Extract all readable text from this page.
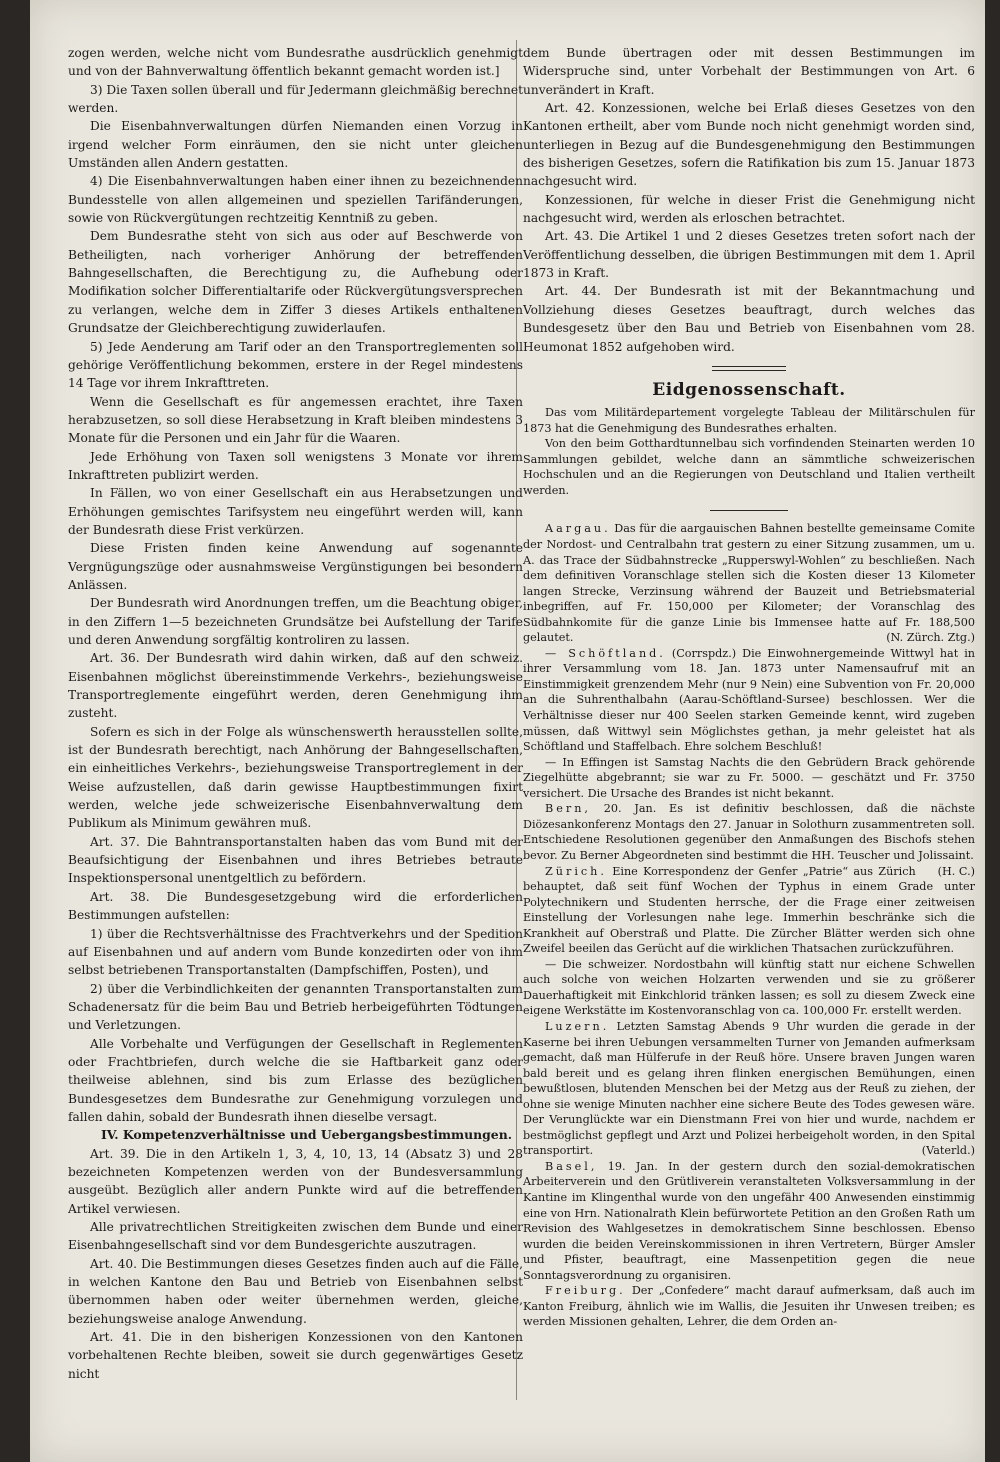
zogen werden, welche nicht vom Bundesrathe ausdrücklich genehmigt und von der Bahnverwaltung öffentlich bekannt gemacht worden ist.]

3) Die Taxen sollen überall und für Jedermann gleichmäßig berechnet werden.

Die Eisenbahnverwaltungen dürfen Niemanden einen Vorzug in irgend welcher Form einräumen, den sie nicht unter gleichen Umständen allen Andern gestatten.

4) Die Eisenbahnverwaltungen haben einer ihnen zu bezeichnenden Bundesstelle von allen allgemeinen und speziellen Tarifänderungen, sowie von Rückvergütungen rechtzeitig Kenntniß zu geben.

Dem Bundesrathe steht von sich aus oder auf Beschwerde von Betheiligten, nach vorheriger Anhörung der betreffenden Bahngesellschaften, die Berechtigung zu, die Aufhebung oder Modifikation solcher Differentialtarife oder Rückvergütungsversprechen zu verlangen, welche dem in Ziffer 3 dieses Artikels enthaltenen Grundsatze der Gleichberechtigung zuwiderlaufen.

5) Jede Aenderung am Tarif oder an den Transportreglementen soll gehörige Veröffentlichung bekommen, erstere in der Regel mindestens 14 Tage vor ihrem Inkrafttreten.

Wenn die Gesellschaft es für angemessen erachtet, ihre Taxen herabzusetzen, so soll diese Herabsetzung in Kraft bleiben mindestens 3 Monate für die Personen und ein Jahr für die Waaren.

Jede Erhöhung von Taxen soll wenigstens 3 Monate vor ihrem Inkrafttreten publizirt werden.

In Fällen, wo von einer Gesellschaft ein aus Herabsetzungen und Erhöhungen gemischtes Tarifsystem neu eingeführt werden will, kann der Bundesrath diese Frist verkürzen.

Diese Fristen finden keine Anwendung auf sogenannte Vergnügungszüge oder ausnahmsweise Vergünstigungen bei besondern Anlässen.

Der Bundesrath wird Anordnungen treffen, um die Beachtung obiger, in den Ziffern 1—5 bezeichneten Grundsätze bei Aufstellung der Tarife und deren Anwendung sorgfältig kontroliren zu lassen.

Art. 36. Der Bundesrath wird dahin wirken, daß auf den schweiz. Eisenbahnen möglichst übereinstimmende Verkehrs-, beziehungsweise Transportreglemente eingeführt werden, deren Genehmigung ihm zusteht.

Sofern es sich in der Folge als wünschenswerth herausstellen sollte, ist der Bundesrath berechtigt, nach Anhörung der Bahngesellschaften, ein einheitliches Verkehrs-, beziehungsweise Transportreglement in der Weise aufzustellen, daß darin gewisse Hauptbestimmungen fixirt werden, welche jede schweizerische Eisenbahnverwaltung dem Publikum als Minimum gewähren muß.

Art. 37. Die Bahntransportanstalten haben das vom Bund mit der Beaufsichtigung der Eisenbahnen und ihres Betriebes betraute Inspektionspersonal unentgeltlich zu befördern.

Art. 38. Die Bundesgesetzgebung wird die erforderlichen Bestimmungen aufstellen:

1) über die Rechtsverhältnisse des Frachtverkehrs und der Spedition auf Eisenbahnen und auf andern vom Bunde konzedirten oder von ihm selbst betriebenen Transportanstalten (Dampfschiffen, Posten), und

2) über die Verbindlichkeiten der genannten Transportanstalten zum Schadenersatz für die beim Bau und Betrieb herbeigeführten Tödtungen und Verletzungen.

Alle Vorbehalte und Verfügungen der Gesellschaft in Reglementen oder Frachtbriefen, durch welche die sie Haftbarkeit ganz oder theilweise ablehnen, sind bis zum Erlasse des bezüglichen Bundesgesetzes dem Bundesrathe zur Genehmigung vorzulegen und fallen dahin, sobald der Bundesrath ihnen dieselbe versagt.

IV. Kompetenzverhältnisse und Uebergangsbestimmungen.

Art. 39. Die in den Artikeln 1, 3, 4, 10, 13, 14 (Absatz 3) und 28 bezeichneten Kompetenzen werden von der Bundesversammlung ausgeübt. Bezüglich aller andern Punkte wird auf die betreffenden Artikel verwiesen.

Alle privatrechtlichen Streitigkeiten zwischen dem Bunde und einer Eisenbahngesellschaft sind vor dem Bundesgerichte auszutragen.

Art. 40. Die Bestimmungen dieses Gesetzes finden auch auf die Fälle, in welchen Kantone den Bau und Betrieb von Eisenbahnen selbst übernommen haben oder weiter übernehmen werden, gleiche, beziehungsweise analoge Anwendung.

Art. 41. Die in den bisherigen Konzessionen von den Kantonen vorbehaltenen Rechte bleiben, soweit sie durch gegenwärtiges Gesetz nicht

dem Bunde übertragen oder mit dessen Bestimmungen im Widerspruche sind, unter Vorbehalt der Bestimmungen von Art. 6 unverändert in Kraft.

Art. 42. Konzessionen, welche bei Erlaß dieses Gesetzes von den Kantonen ertheilt, aber vom Bunde noch nicht genehmigt worden sind, unterliegen in Bezug auf die Bundesgenehmigung den Bestimmungen des bisherigen Gesetzes, sofern die Ratifikation bis zum 15. Januar 1873 nachgesucht wird.

Konzessionen, für welche in dieser Frist die Genehmigung nicht nachgesucht wird, werden als erloschen betrachtet.

Art. 43. Die Artikel 1 und 2 dieses Gesetzes treten sofort nach der Veröffentlichung desselben, die übrigen Bestimmungen mit dem 1. April 1873 in Kraft.

Art. 44. Der Bundesrath ist mit der Bekanntmachung und Vollziehung dieses Gesetzes beauftragt, durch welches das Bundesgesetz über den Bau und Betrieb von Eisenbahnen vom 28. Heumonat 1852 aufgehoben wird.

Eidgenossenschaft.

Das vom Militärdepartement vorgelegte Tableau der Militärschulen für 1873 hat die Genehmigung des Bundesrathes erhalten.

Von den beim Gotthardtunnelbau sich vorfindenden Steinarten werden 10 Sammlungen gebildet, welche dann an sämmtliche schweizerischen Hochschulen und an die Regierungen von Deutschland und Italien vertheilt werden.

Aargau. Das für die aargauischen Bahnen bestellte gemeinsame Comite der Nordost- und Centralbahn trat gestern zu einer Sitzung zusammen, um u. A. das Trace der Südbahnstrecke „Rupperswyl-Wohlen“ zu beschließen. Nach dem definitiven Voranschlage stellen sich die Kosten dieser 13 Kilometer langen Strecke, Verzinsung während der Bauzeit und Betriebsmaterial inbegriffen, auf Fr. 150,000 per Kilometer; der Voranschlag des Südbahnkomite für die ganze Linie bis Immensee hatte auf Fr. 188,500 gelautet.	(N. Zürch. Ztg.)

— Schöftland. (Corrspdz.) Die Einwohnergemeinde Wittwyl hat in ihrer Versammlung vom 18. Jan. 1873 unter Namensaufruf mit an Einstimmigkeit grenzendem Mehr (nur 9 Nein) eine Subvention von Fr. 20,000 an die Suhrenthalbahn (Aarau-Schöftland-Sursee) beschlossen. Wer die Verhältnisse dieser nur 400 Seelen starken Gemeinde kennt, wird zugeben müssen, daß Wittwyl sein Möglichstes gethan, ja mehr geleistet hat als Schöftland und Staffelbach. Ehre solchem Beschluß!

— In Effingen ist Samstag Nachts die den Gebrüdern Brack gehörende Ziegelhütte abgebrannt; sie war zu Fr. 5000. — geschätzt und Fr. 3750 versichert. Die Ursache des Brandes ist nicht bekannt.

Bern, 20. Jan. Es ist definitiv beschlossen, daß die nächste Diözesankonferenz Montags den 27. Januar in Solothurn zusammentreten soll. Entschiedene Resolutionen gegenüber den Anmaßungen des Bischofs stehen bevor. Zu Berner Abgeordneten sind bestimmt die HH. Teuscher und Jolissaint.
(H. C.)

Zürich. Eine Korrespondenz der Genfer „Patrie“ aus Zürich behauptet, daß seit fünf Wochen der Typhus in einem Grade unter Polytechnikern und Studenten herrsche, der die Frage einer zeitweisen Einstellung der Vorlesungen nahe lege. Immerhin beschränke sich die Krankheit auf Oberstraß und Platte. Die Zürcher Blätter werden sich ohne Zweifel beeilen das Gerücht auf die wirklichen Thatsachen zurückzuführen.

— Die schweizer. Nordostbahn will künftig statt nur eichene Schwellen auch solche von weichen Holzarten verwenden und sie zu größerer Dauerhaftigkeit mit Einkchlorid tränken lassen; es soll zu diesem Zweck eine eigene Werkstätte im Kostenvoranschlag von ca. 100,000 Fr. erstellt werden.

Luzern. Letzten Samstag Abends 9 Uhr wurden die gerade in der Kaserne bei ihren Uebungen versammelten Turner von Jemanden aufmerksam gemacht, daß man Hülferufe in der Reuß höre. Unsere braven Jungen waren bald bereit und es gelang ihren flinken energischen Bemühungen, einen bewußtlosen, blutenden Menschen bei der Metzg aus der Reuß zu ziehen, der ohne sie wenige Minuten nachher eine sichere Beute des Todes gewesen wäre. Der Verunglückte war ein Dienstmann Frei von hier und wurde, nachdem er bestmöglichst gepflegt und Arzt und Polizei herbeigeholt worden, in den Spital transportirt.	(Vaterld.)

Basel, 19. Jan. In der gestern durch den sozial-demokratischen Arbeiterverein und den Grütliverein veranstalteten Volksversammlung in der Kantine im Klingenthal wurde von den ungefähr 400 Anwesenden einstimmig eine von Hrn. Nationalrath Klein befürwortete Petition an den Großen Rath um Revision des Wahlgesetzes in demokratischem Sinne beschlossen. Ebenso wurden die beiden Vereinskommissionen in ihren Vertretern, Bürger Amsler und Pfister, beauftragt, eine Massenpetition gegen die neue Sonntagsverordnung zu organisiren.

Freiburg. Der „Confedere“ macht darauf aufmerksam, daß auch im Kanton Freiburg, ähnlich wie im Wallis, die Jesuiten ihr Unwesen treiben; es werden Missionen gehalten, Lehrer, die dem Orden an-
